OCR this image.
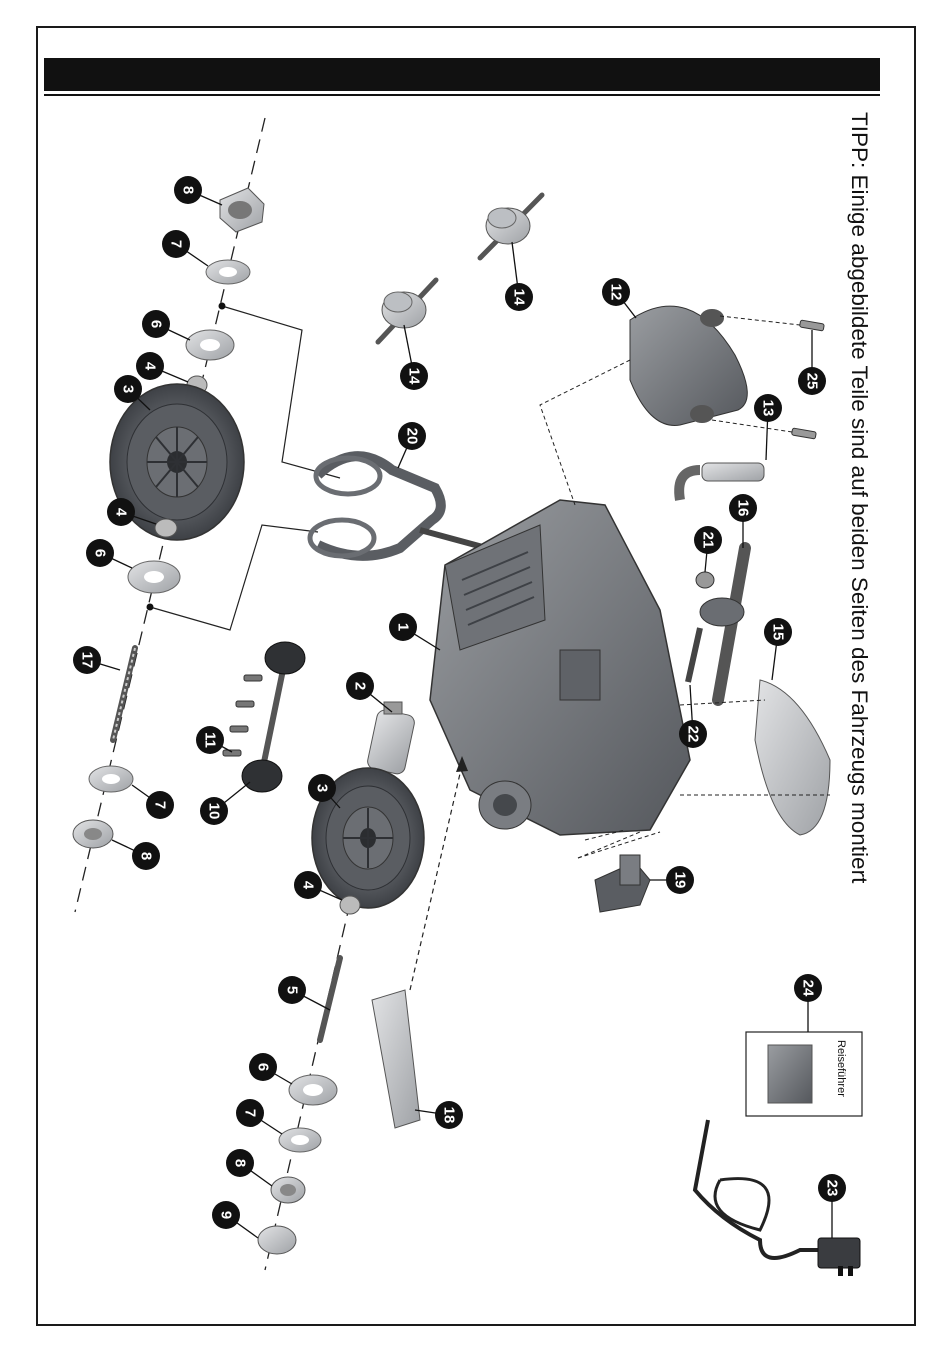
TIPP: Einige abgebildete Teile sind auf beiden Seiten des Fahrzeugs montiert
Reiseführer
1
2
3
3
4
4
4
5
6
6
6
7
7
7
8
8
8
9
10
11
12
13
14
14
15
16
17
18
19
20
21
22
23
24
25
